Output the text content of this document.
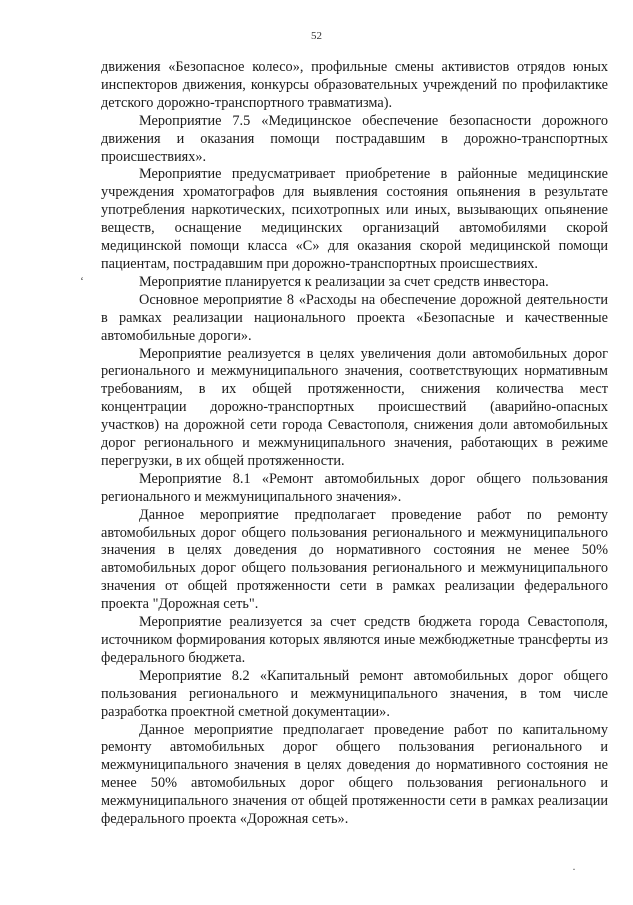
52

движения «Безопасное колесо», профильные смены активистов отрядов юных инспекторов движения, конкурсы образовательных учреждений по профилактике детского дорожно-транспортного травматизма).

Мероприятие 7.5 «Медицинское обеспечение безопасности дорожного движения и оказания помощи пострадавшим в дорожно-транспортных происшествиях».

Мероприятие предусматривает приобретение в районные медицинские учреждения хроматографов для выявления состояния опьянения в результате употребления наркотических, психотропных или иных, вызывающих опьянение веществ, оснащение медицинских организаций автомобилями скорой медицинской помощи класса «С» для оказания скорой медицинской помощи пациентам, пострадавшим при дорожно-транспортных происшествиях.

Мероприятие планируется к реализации за счет средств инвестора.

Основное мероприятие 8 «Расходы на обеспечение дорожной деятельности в рамках реализации национального проекта «Безопасные и качественные автомобильные дороги».

Мероприятие реализуется в целях увеличения доли автомобильных дорог регионального и межмуниципального значения, соответствующих нормативным требованиям, в их общей протяженности, снижения количества мест концентрации дорожно-транспортных происшествий (аварийно-опасных участков) на дорожной сети города Севастополя, снижения доли автомобильных дорог регионального и межмуниципального значения, работающих в режиме перегрузки, в их общей протяженности.

Мероприятие 8.1 «Ремонт автомобильных дорог общего пользования регионального и межмуниципального значения».

Данное мероприятие предполагает проведение работ по ремонту автомобильных дорог общего пользования регионального и межмуниципального значения в целях доведения до нормативного состояния не менее 50% автомобильных дорог общего пользования регионального и межмуниципального значения от общей протяженности сети в рамках реализации федерального проекта "Дорожная сеть".

Мероприятие реализуется за счет средств бюджета города Севастополя, источником формирования которых являются иные межбюджетные трансферты из федерального бюджета.

Мероприятие 8.2 «Капитальный ремонт автомобильных дорог общего пользования регионального и межмуниципального значения, в том числе разработка проектной сметной документации».

Данное мероприятие предполагает проведение работ по капитальному ремонту автомобильных дорог общего пользования регионального и межмуниципального значения в целях доведения до нормативного состояния не менее 50% автомобильных дорог общего пользования регионального и межмуниципального значения от общей протяженности сети в рамках реализации федерального проекта «Дорожная сеть».

‘
·
